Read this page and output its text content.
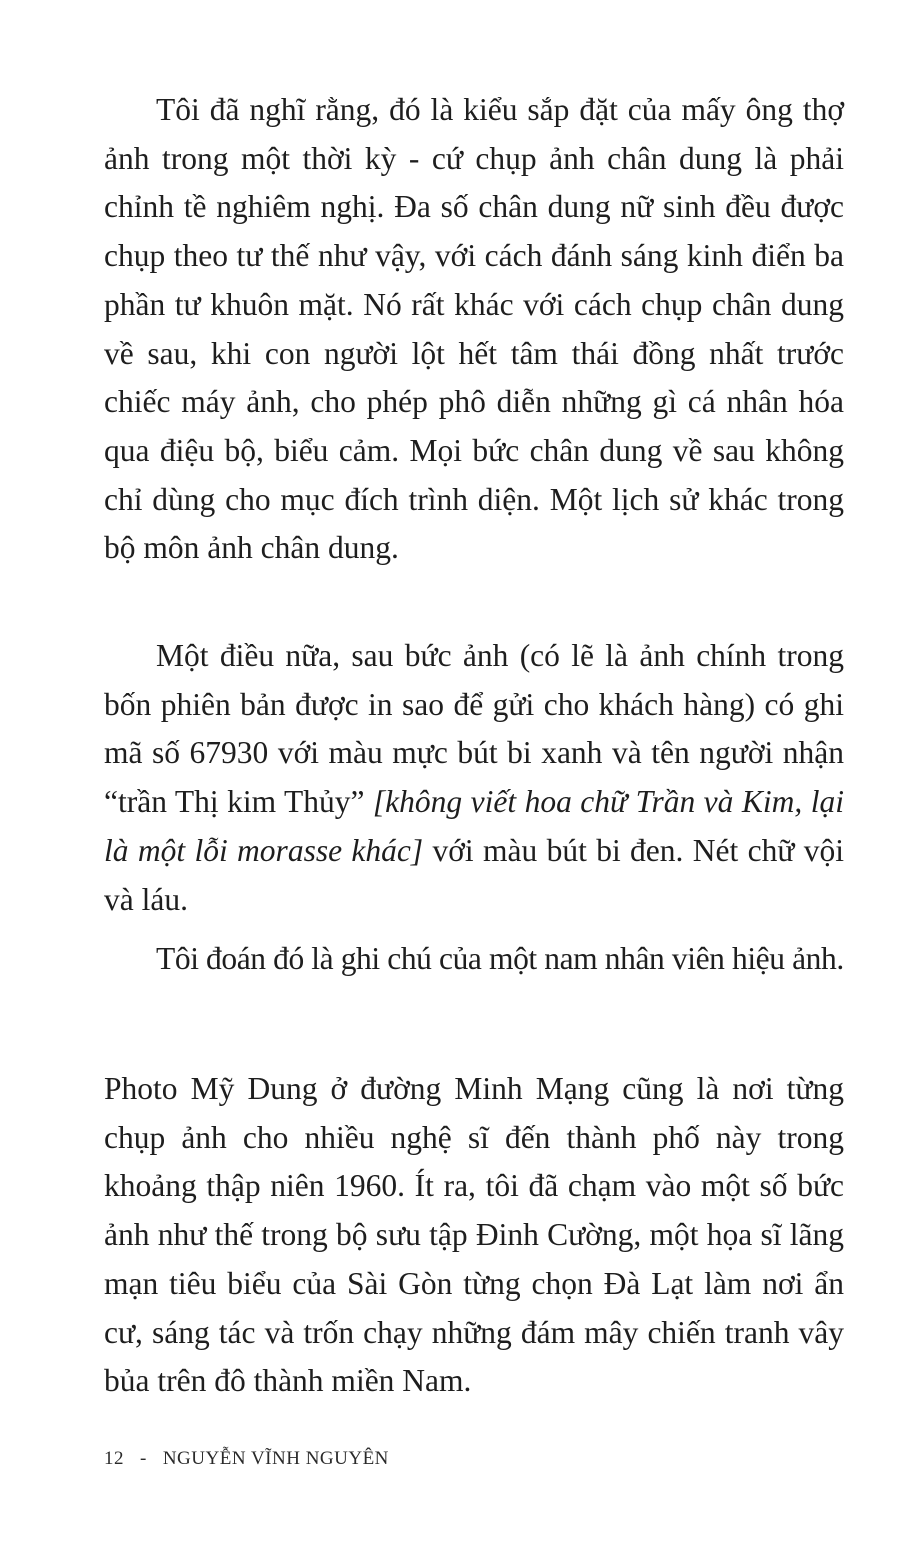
Tôi đã nghĩ rằng, đó là kiểu sắp đặt của mấy ông thợ ảnh trong một thời kỳ - cứ chụp ảnh chân dung là phải chỉnh tề nghiêm nghị. Đa số chân dung nữ sinh đều được chụp theo tư thế như vậy, với cách đánh sáng kinh điển ba phần tư khuôn mặt. Nó rất khác với cách chụp chân dung về sau, khi con người lột hết tâm thái đồng nhất trước chiếc máy ảnh, cho phép phô diễn những gì cá nhân hóa qua điệu bộ, biểu cảm. Mọi bức chân dung về sau không chỉ dùng cho mục đích trình diện. Một lịch sử khác trong bộ môn ảnh chân dung.

Một điều nữa, sau bức ảnh (có lẽ là ảnh chính trong bốn phiên bản được in sao để gửi cho khách hàng) có ghi mã số 67930 với màu mực bút bi xanh và tên người nhận “trần Thị kim Thủy” [không viết hoa chữ Trần và Kim, lại là một lỗi morasse khác] với màu bút bi đen. Nét chữ vội và láu.

Tôi đoán đó là ghi chú của một nam nhân viên hiệu ảnh.

Photo Mỹ Dung ở đường Minh Mạng cũng là nơi từng chụp ảnh cho nhiều nghệ sĩ đến thành phố này trong khoảng thập niên 1960. Ít ra, tôi đã chạm vào một số bức ảnh như thế trong bộ sưu tập Đinh Cường, một họa sĩ lãng mạn tiêu biểu của Sài Gòn từng chọn Đà Lạt làm nơi ẩn cư, sáng tác và trốn chạy những đám mây chiến tranh vây bủa trên đô thành miền Nam.

12 - NGUYỄN VĨNH NGUYÊN
